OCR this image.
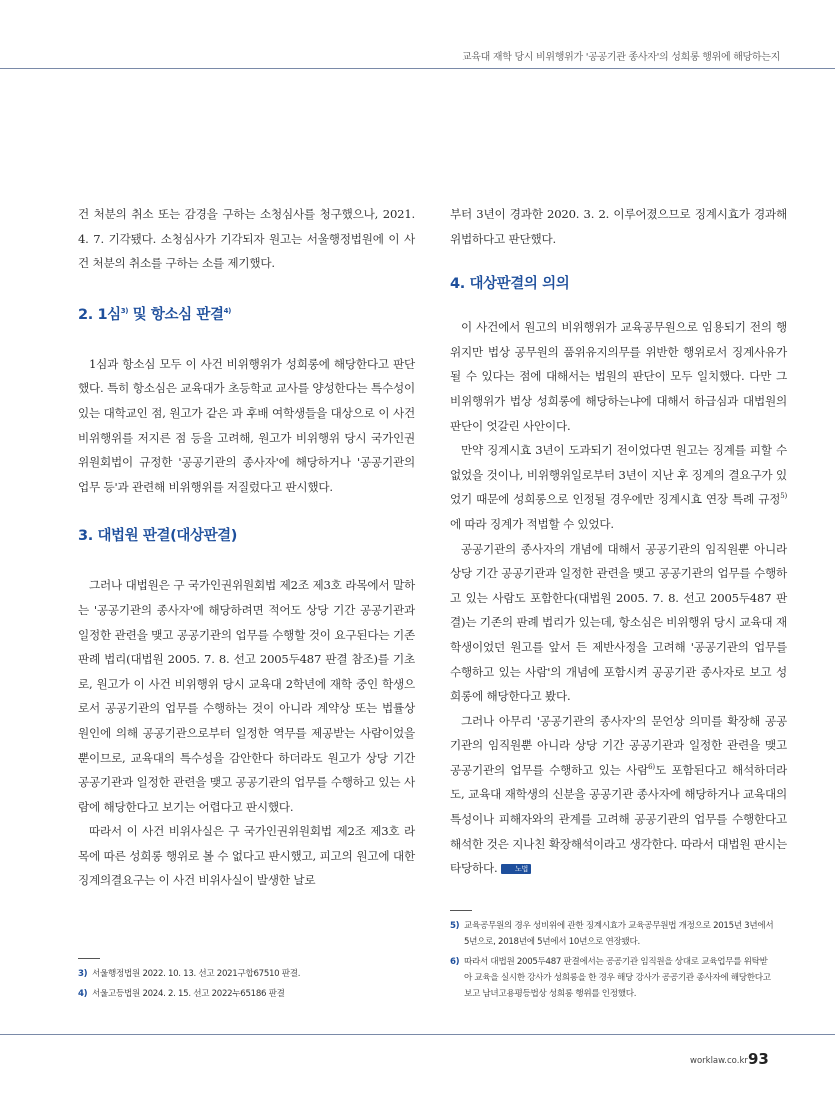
교육대 재학 당시 비위행위가 '공공기관 종사자'의 성희롱 행위에 해당하는지

건 처분의 취소 또는 감경을 구하는 소청심사를 청구했으나, 2021. 4. 7. 기각됐다. 소청심사가 기각되자 원고는 서울행정법원에 이 사건 처분의 취소를 구하는 소를 제기했다.

2. 1심$^{3)}$ 및 항소심 판결$^{4)}$

1심과 항소심 모두 이 사건 비위행위가 성희롱에 해당한다고 판단했다. 특히 항소심은 교육대가 초등학교 교사를 양성한다는 특수성이 있는 대학교인 점, 원고가 같은 과 후배 여학생들을 대상으로 이 사건 비위행위를 저지른 점 등을 고려해, 원고가 비위행위 당시 국가인권위원회법이 규정한 '공공기관의 종사자'에 해당하거나 '공공기관의 업무 등'과 관련해 비위행위를 저질렀다고 판시했다.

3. 대법원 판결(대상판결)

그러나 대법원은 구 국가인권위원회법 제2조 제3호 라목에서 말하는 '공공기관의 종사자'에 해당하려면 적어도 상당 기간 공공기관과 일정한 관련을 맺고 공공기관의 업무를 수행할 것이 요구된다는 기존 판례 법리(대법원 2005. 7. 8. 선고 2005두487 판결 참조)를 기초로, 원고가 이 사건 비위행위 당시 교육대 2학년에 재학 중인 학생으로서 공공기관의 업무를 수행하는 것이 아니라 계약상 또는 법률상 원인에 의해 공공기관으로부터 일정한 역무를 제공받는 사람이었을 뿐이므로, 교육대의 특수성을 감안한다 하더라도 원고가 상당 기간 공공기관과 일정한 관련을 맺고 공공기관의 업무를 수행하고 있는 사람에 해당한다고 보기는 어렵다고 판시했다.

따라서 이 사건 비위사실은 구 국가인권위원회법 제2조 제3호 라목에 따른 성희롱 행위로 볼 수 없다고 판시했고, 피고의 원고에 대한 징계의결요구는 이 사건 비위사실이 발생한 날로

부터 3년이 경과한 2020. 3. 2. 이루어졌으므로 징계시효가 경과해 위법하다고 판단했다.

4. 대상판결의 의의

이 사건에서 원고의 비위행위가 교육공무원으로 임용되기 전의 행위지만 법상 공무원의 품위유지의무를 위반한 행위로서 징계사유가 될 수 있다는 점에 대해서는 법원의 판단이 모두 일치했다. 다만 그 비위행위가 법상 성희롱에 해당하는냐에 대해서 하급심과 대법원의 판단이 엇갈린 사안이다.

만약 징계시효 3년이 도과되기 전이었다면 원고는 징계를 피할 수 없었을 것이나, 비위행위일로부터 3년이 지난 후 징계의 결요구가 있었기 때문에 성희롱으로 인정될 경우에만 징계시효 연장 특례 규정$^{5)}$에 따라 징계가 적법할 수 있었다.

공공기관의 종사자의 개념에 대해서 공공기관의 임직원뿐 아니라 상당 기간 공공기관과 일정한 관련을 맺고 공공기관의 업무를 수행하고 있는 사람도 포함한다(대법원 2005. 7. 8. 선고 2005두487 판결)는 기존의 판례 법리가 있는데, 항소심은 비위행위 당시 교육대 재학생이었던 원고를 앞서 든 제반사정을 고려해 '공공기관의 업무를 수행하고 있는 사람'의 개념에 포함시켜 공공기관 종사자로 보고 성희롱에 해당한다고 봤다.

그러나 아무리 '공공기관의 종사자'의 문언상 의미를 확장해 공공기관의 임직원뿐 아니라 상당 기간 공공기관과 일정한 관련을 맺고 공공기관의 업무를 수행하고 있는 사람$^{6)}$도 포함된다고 해석하더라도, 교육대 재학생의 신분을 공공기관 종사자에 해당하거나 교육대의 특성이나 피해자와의 관계를 고려해 공공기관의 업무를 수행한다고 해석한 것은 지나친 확장해석이라고 생각한다. 따라서 대법원 판시는 타당하다.	노법

3) 서울행정법원 2022. 10. 13. 선고 2021구합67510 판결.
4) 서울고등법원 2024. 2. 15. 선고 2022누65186 판결
5) 교육공무원의 경우 성비위에 관한 징계시효가 교육공무원법 개정으로 2015년 3년에서 5년으로, 2018년에 5년에서 10년으로 연장됐다.
6) 따라서 대법원 2005두487 판결에서는 공공기관 임직원을 상대로 교육업무를 위탁받아 교육을 실시한 강사가 성희롱을 한 경우 해당 강사가 공공기관 종사자에 해당한다고 보고 남녀고용평등법상 성희롱 행위를 인정했다.
worklaw.co.kr 93
